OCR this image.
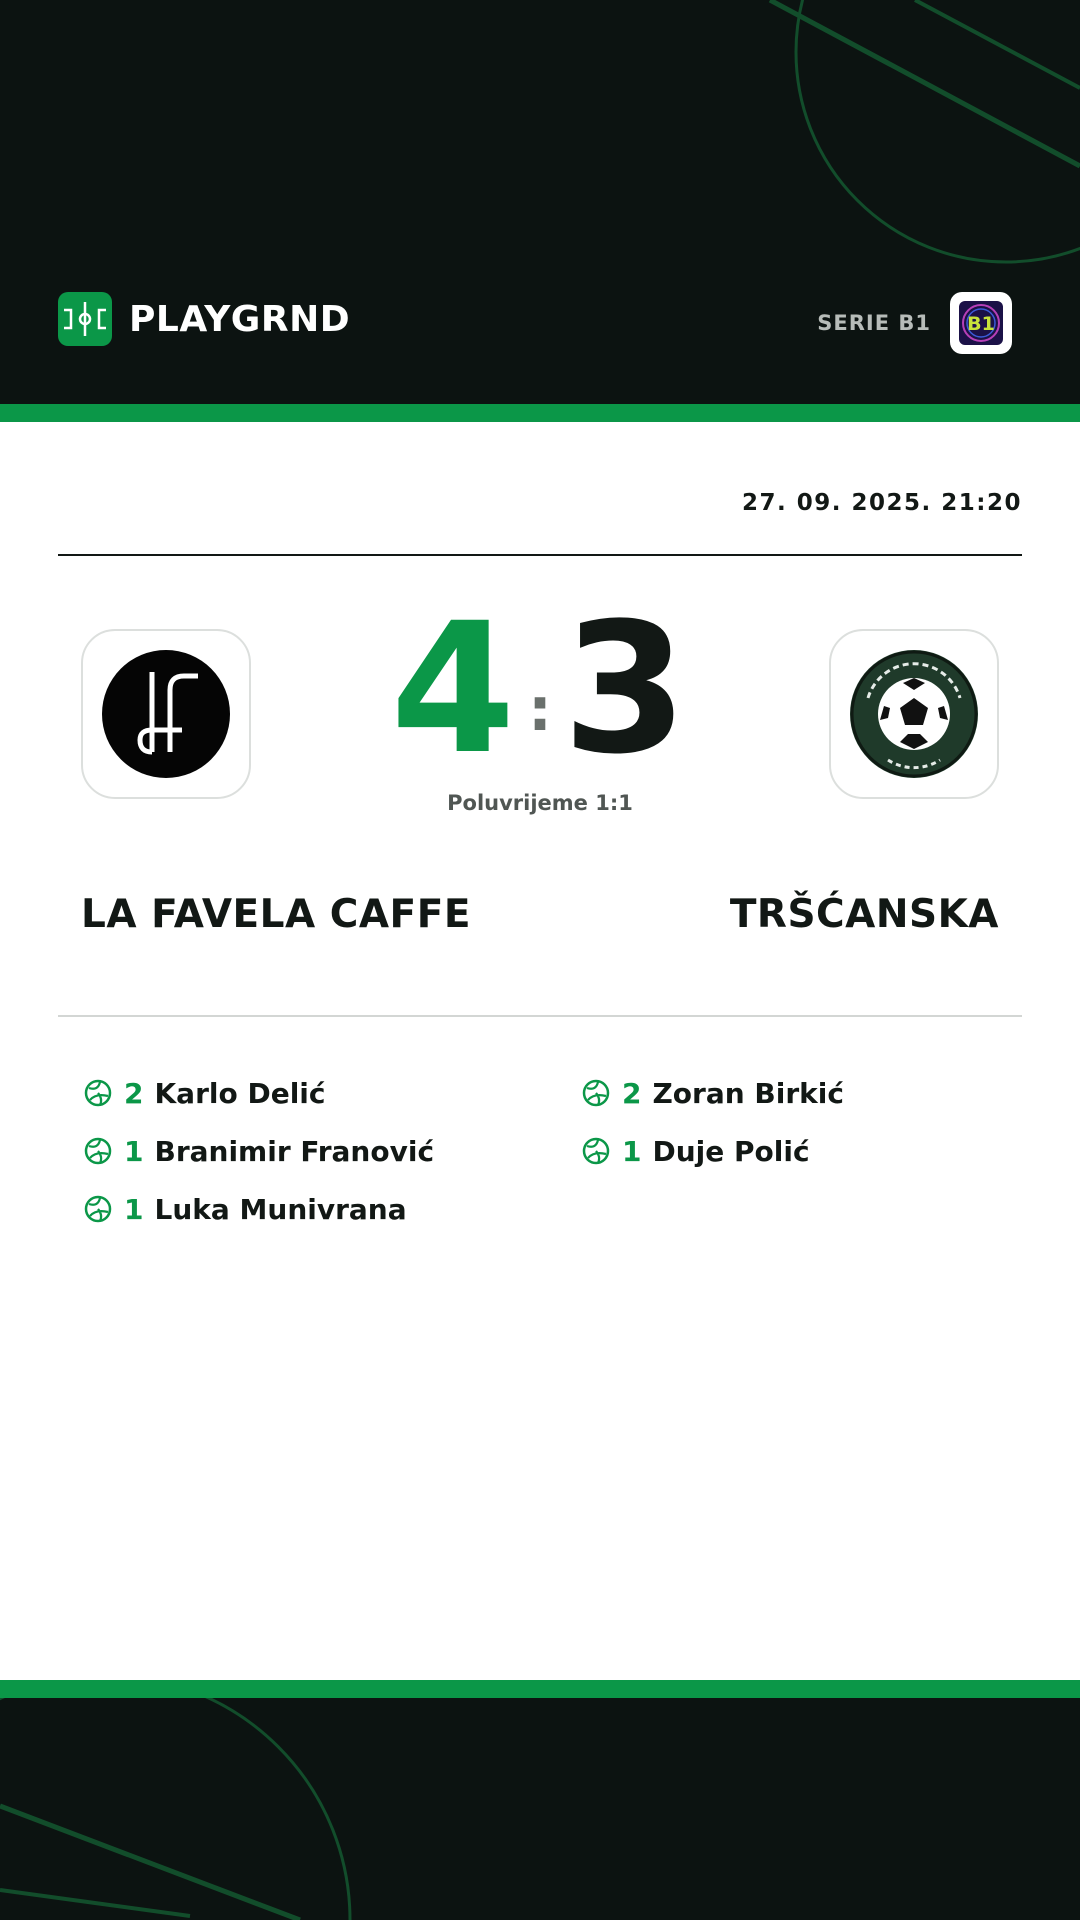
PLAYGRND	SERIE B1 B1
27. 09. 2025. 21:20
4 : 3
Poluvrijeme 1:1
LA FAVELA CAFFE	TRŠĆANSKA
2 Karlo Delić
1 Branimir Franović
1 Luka Munivrana
2 Zoran Birkić
1 Duje Polić
